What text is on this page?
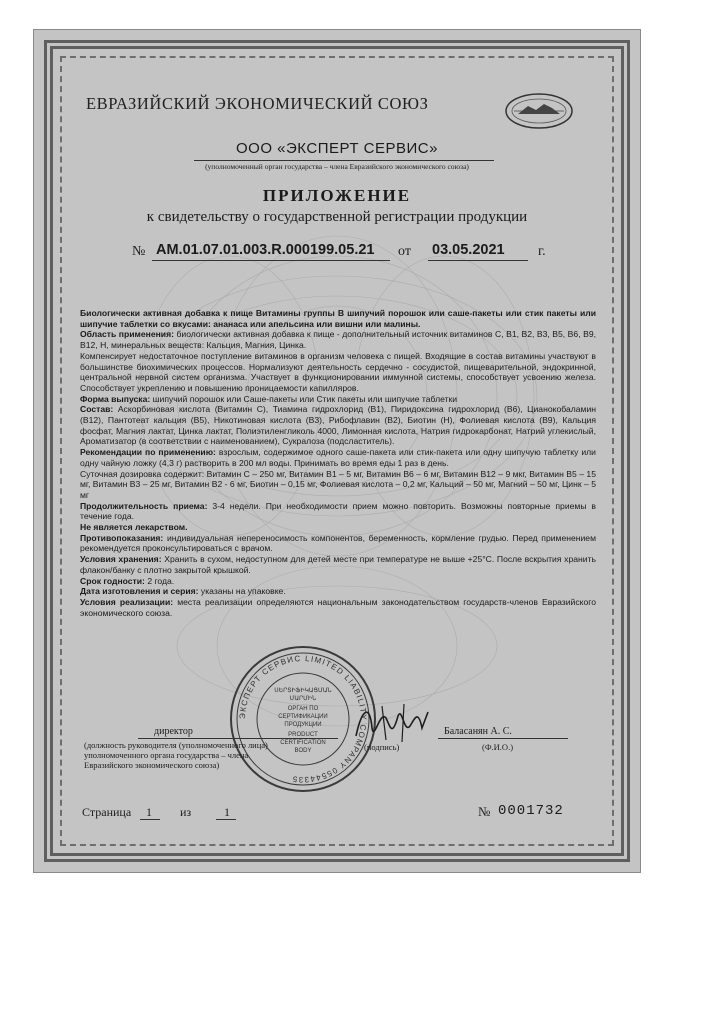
ЕВРАЗИЙСКИЙ ЭКОНОМИЧЕСКИЙ СОЮЗ
ООО «ЭКСПЕРТ СЕРВИС»
(уполномоченный орган государства – члена Евразийского экономического союза)
ПРИЛОЖЕНИЕ
к свидетельству о государственной регистрации продукции
№ АМ.01.07.01.003.R.000199.05.21 от 03.05.2021 г.

Биологически активная добавка к пище Витамины группы В шипучий порошок или саше-пакеты или стик пакеты или шипучие таблетки со вкусами: ананаса или апельсина или вишни или малины.

Область применения: биологически активная добавка к пище - дополнительный источник витаминов С, В1, В2, В3, В5, В6, В9, В12, Н, минеральных веществ: Кальция, Магния, Цинка.

Компенсирует недостаточное поступление витаминов в организм человека с пищей. Входящие в состав витамины участвуют в большинстве биохимических процессов. Нормализуют деятельность сердечно - сосудистой, пищеварительной, эндокринной, центральной нервной систем организма. Участвует в функционировании иммунной системы, способствует усвоению железа. Способствует укреплению и повышению проницаемости капилляров.

Форма выпуска: шипучий порошок или Саше-пакеты или Стик пакеты или шипучие таблетки

Состав: Аскорбиновая кислота (Витамин С), Тиамина гидрохлорид (В1), Пиридоксина гидрохлорид (В6), Цианокобаламин (В12), Пантотеат кальция (В5), Никотиновая кислота (В3), Рибофлавин (В2), Биотин (Н), Фолиевая кислота (В9), Кальция фосфат, Магния лактат, Цинка лактат, Полиэтиленгликоль 4000, Лимонная кислота, Натрия гидрокарбонат, Натрий углекислый, Ароматизатор (в соответствии с наименованием), Сукралоза (подсластитель).

Рекомендации по применению: взрослым, содержимое одного саше-пакета или стик-пакета или одну шипучую таблетку или одну чайную ложку (4,3 г) растворить в 200 мл воды. Принимать во время еды 1 раз в день.

Суточная дозировка содержит: Витамин С – 250 мг, Витамин В1 – 5 мг, Витамин В6 – 6 мг, Витамин В12 – 9 мкг, Витамин В5 – 15 мг, Витамин В3 – 25 мг, Витамин В2 - 6 мг, Биотин – 0,15 мг, Фолиевая кислота – 0,2 мг, Кальций – 50 мг, Магний – 50 мг, Цинк – 5 мг

Продолжительность приема: 3-4 недели. При необходимости прием можно повторить. Возможны повторные приемы в течение года.

Не является лекарством.

Противопоказания: индивидуальная непереносимость компонентов, беременность, кормление грудью. Перед применением рекомендуется проконсультироваться с врачом.

Условия хранения: Хранить в сухом, недоступном для детей месте при температуре не выше +25°С. После вскрытия хранить флакон/банку с плотно закрытой крышкой.

Срок годности: 2 года.

Дата изготовления и серия: указаны на упаковке.

Условия реализации: места реализации определяются национальным законодательством государств-членов Евразийского экономического союза.

ЭКСПЕРТ СЕРВИС LIMITED LIABILITY COMPANY 05544335
ՍԵՐՏԻՖԻԿԱՑՄԱՆ
ՄԱՐՄԻՆ
ОРГАН ПО
СЕРТИФИКАЦИИ
ПРОДУКЦИИ
PRODUCT
CERTIFICATION
BODY
директор
(должность руководителя (уполномоченного лица) уполномоченного органа государства – члена Евразийского экономического союза)
(подпись)
Баласанян А. С.
(Ф.И.О.)
Страница 1 из	1	№ 0001732
